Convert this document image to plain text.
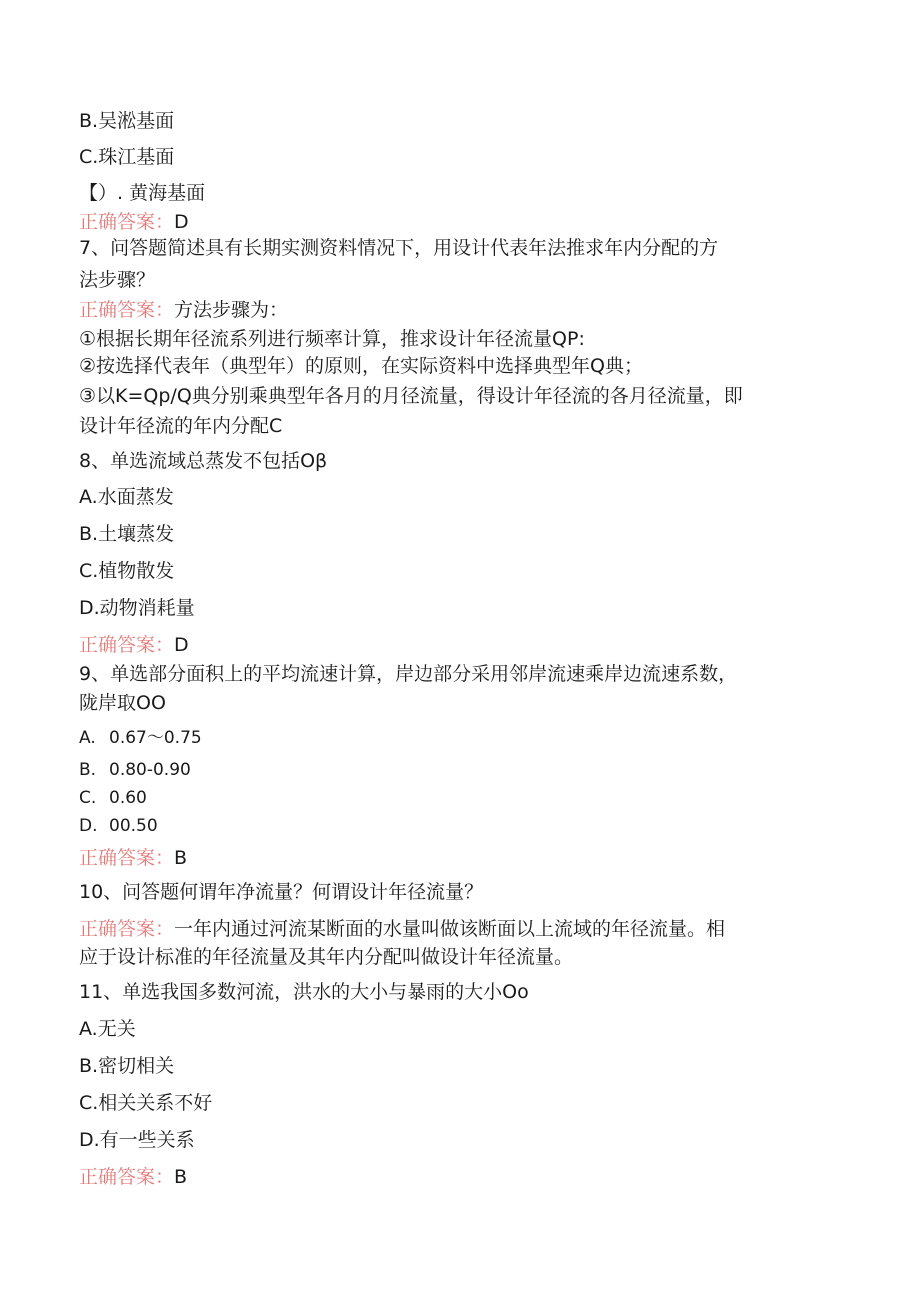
B.吴淞基面
C.珠江基面
【）. 黄海基面
正确答案：D
7、问答题简述具有长期实测资料情况下，用设计代表年法推求年内分配的方
法步骤？
正确答案：方法步骤为：
①根据长期年径流系列进行频率计算，推求设计年径流量QP:
②按选择代表年（典型年）的原则，在实际资料中选择典型年Q典；
③以K=Qp/Q典分别乘典型年各月的月径流量，得设计年径流的各月径流量，即
设计年径流的年内分配C
8、单选流域总蒸发不包括Oβ
A.水面蒸发
B.土壤蒸发
C.植物散发
D.动物消耗量
正确答案：D
9、单选部分面积上的平均流速计算，岸边部分采用邻岸流速乘岸边流速系数，
陇岸取OO
A. 0.67～0.75
B. 0.80-0.90
C. 0.60
D. 00.50
正确答案：B
10、问答题何谓年净流量？何谓设计年径流量？
正确答案：一年内通过河流某断面的水量叫做该断面以上流域的年径流量。相
应于设计标准的年径流量及其年内分配叫做设计年径流量。
11、单选我国多数河流，洪水的大小与暴雨的大小Oo
A.无关
B.密切相关
C.相关关系不好
D.有一些关系
正确答案：B
